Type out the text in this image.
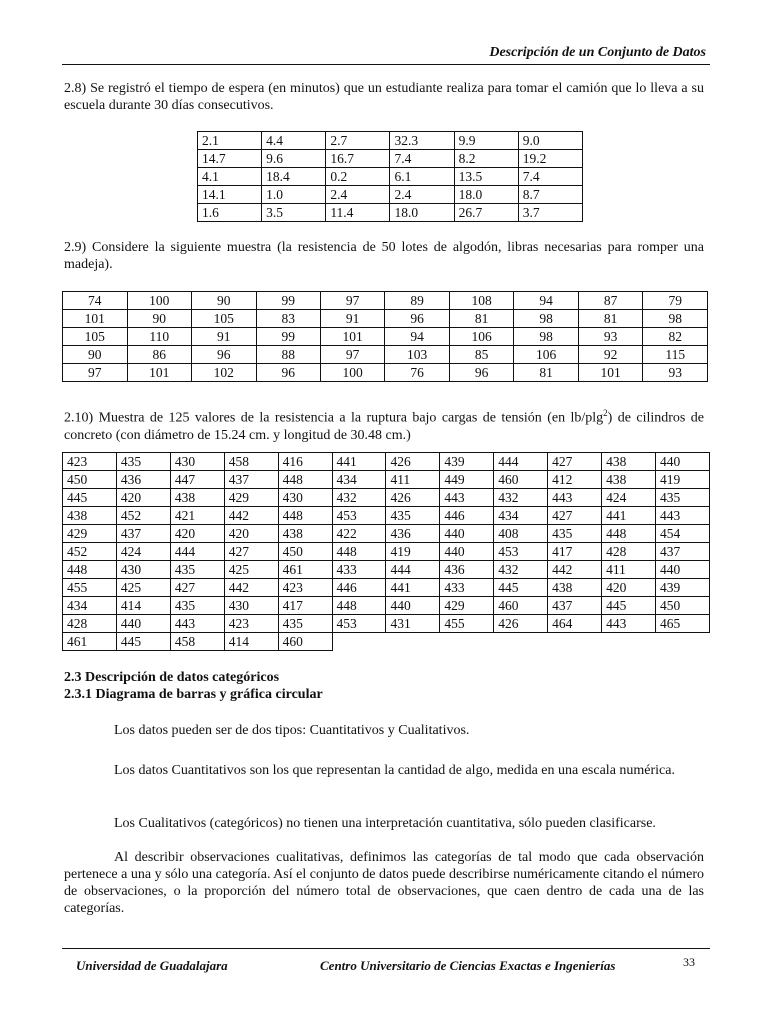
Descripción de un Conjunto de Datos
2.8) Se registró el tiempo de espera (en minutos) que un estudiante realiza para tomar el camión que lo lleva a su escuela durante 30 días consecutivos.
2.1	4.4	2.7	32.3	9.9	9.0
14.7	9.6	16.7	7.4	8.2	19.2
4.1	18.4	0.2	6.1	13.5	7.4
14.1	1.0	2.4	2.4	18.0	8.7
1.6	3.5	11.4	18.0	26.7	3.7
2.9) Considere la siguiente muestra (la resistencia de 50 lotes de algodón, libras necesarias para romper una madeja).
74	100	90	99	97	89	108	94	87	79
101	90	105	83	91	96	81	98	81	98
105	110	91	99	101	94	106	98	93	82
90	86	96	88	97	103	85	106	92	115
97	101	102	96	100	76	96	81	101	93
2.10) Muestra de 125 valores de la resistencia a la ruptura bajo cargas de tensión (en lb/plg$^2$) de cilindros de concreto (con diámetro de 15.24 cm. y longitud de 30.48 cm.)
423	435	430	458	416	441	426	439	444	427	438	440
450	436	447	437	448	434	411	449	460	412	438	419
445	420	438	429	430	432	426	443	432	443	424	435
438	452	421	442	448	453	435	446	434	427	441	443
429	437	420	420	438	422	436	440	408	435	448	454
452	424	444	427	450	448	419	440	453	417	428	437
448	430	435	425	461	433	444	436	432	442	411	440
455	425	427	442	423	446	441	433	445	438	420	439
434	414	435	430	417	448	440	429	460	437	445	450
428	440	443	423	435	453	431	455	426	464	443	465
461	445	458	414	460							
2.3 Descripción de datos categóricos
2.3.1 Diagrama de barras y gráfica circular
Los datos pueden ser de dos tipos: Cuantitativos y Cualitativos.
Los datos Cuantitativos son los que representan la cantidad de algo, medida en una escala numérica.
Los Cualitativos (categóricos) no tienen una interpretación cuantitativa, sólo pueden clasificarse.
Al describir observaciones cualitativas, definimos las categorías de tal modo que cada observación pertenece a una y sólo una categoría. Así el conjunto de datos puede describirse numéricamente citando el número de observaciones, o la proporción del número total de observaciones, que caen dentro de cada una de las categorías.
Universidad de Guadalajara	Centro Universitario de Ciencias Exactas e Ingenierías	33
